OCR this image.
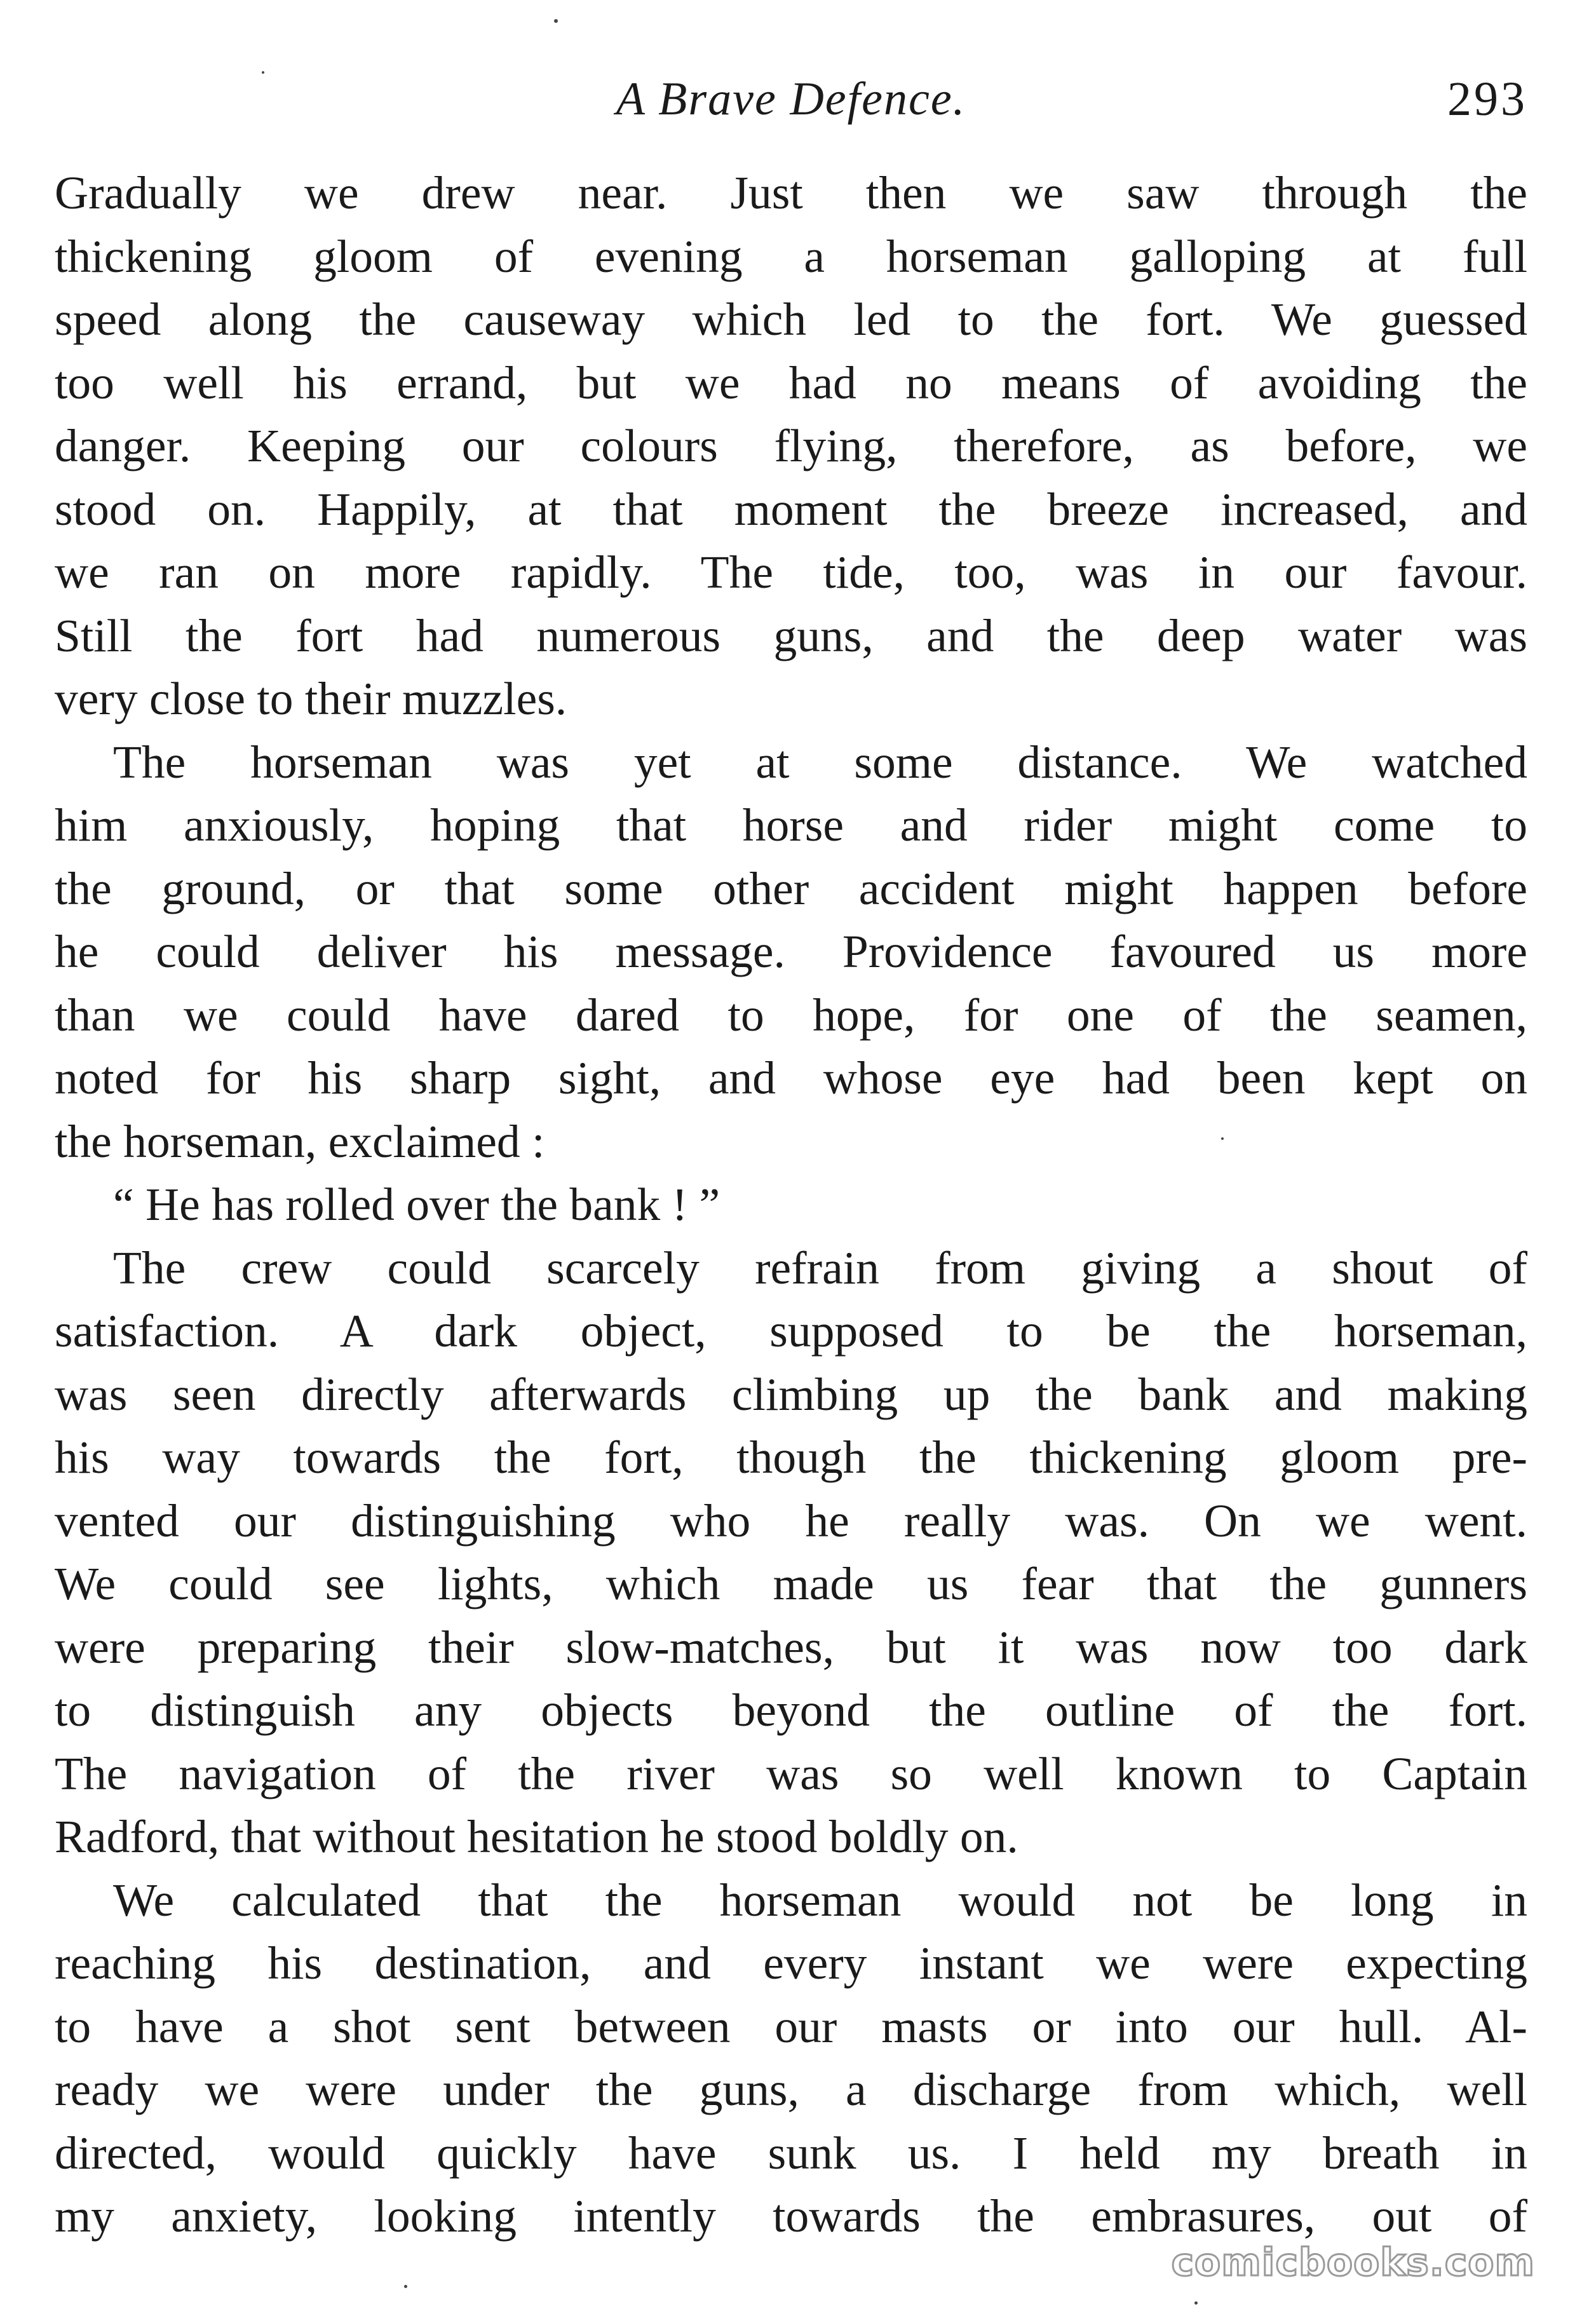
A Brave Defence.	293
Gradually we drew near. Just then we saw through the
thickening gloom of evening a horseman galloping at full
speed along the causeway which led to the fort. We guessed
too well his errand, but we had no means of avoiding the
danger. Keeping our colours flying, therefore, as before, we
stood on. Happily, at that moment the breeze increased, and
we ran on more rapidly. The tide, too, was in our favour.
Still the fort had numerous guns, and the deep water was
very close to their muzzles.
The horseman was yet at some distance. We watched
him anxiously, hoping that horse and rider might come to
the ground, or that some other accident might happen before
he could deliver his message. Providence favoured us more
than we could have dared to hope, for one of the seamen,
noted for his sharp sight, and whose eye had been kept on
the horseman, exclaimed :
“ He has rolled over the bank ! ”
The crew could scarcely refrain from giving a shout of
satisfaction. A dark object, supposed to be the horseman,
was seen directly afterwards climbing up the bank and making
his way towards the fort, though the thickening gloom pre-
vented our distinguishing who he really was. On we went.
We could see lights, which made us fear that the gunners
were preparing their slow-matches, but it was now too dark
to distinguish any objects beyond the outline of the fort.
The navigation of the river was so well known to Captain
Radford, that without hesitation he stood boldly on.
We calculated that the horseman would not be long in
reaching his destination, and every instant we were expecting
to have a shot sent between our masts or into our hull. Al-
ready we were under the guns, a discharge from which, well
directed, would quickly have sunk us. I held my breath in
my anxiety, looking intently towards the embrasures, out of
comicbooks.com
